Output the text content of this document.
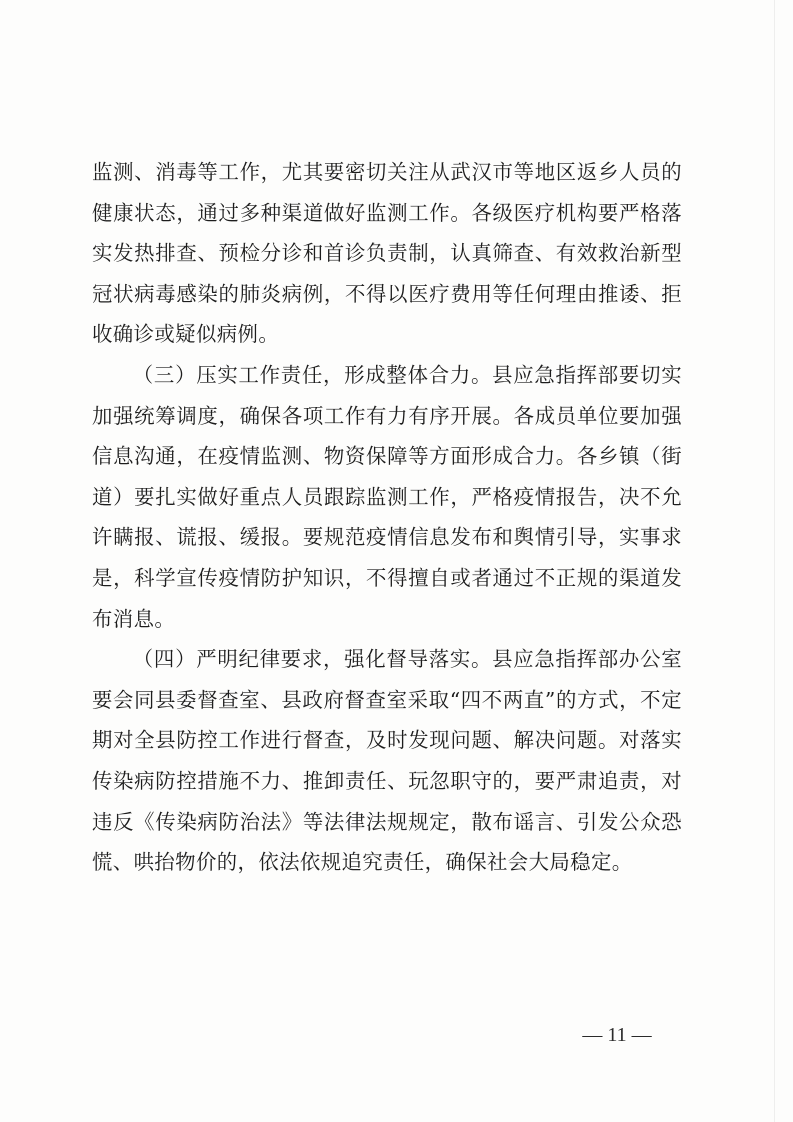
监测、消毒等工作，尤其要密切关注从武汉市等地区返乡人员的健康状态，通过多种渠道做好监测工作。各级医疗机构要严格落实发热排查、预检分诊和首诊负责制，认真筛查、有效救治新型冠状病毒感染的肺炎病例，不得以医疗费用等任何理由推诿、拒收确诊或疑似病例。

（三）压实工作责任，形成整体合力。县应急指挥部要切实加强统筹调度，确保各项工作有力有序开展。各成员单位要加强信息沟通，在疫情监测、物资保障等方面形成合力。各乡镇（街道）要扎实做好重点人员跟踪监测工作，严格疫情报告，决不允许瞒报、谎报、缓报。要规范疫情信息发布和舆情引导，实事求是，科学宣传疫情防护知识，不得擅自或者通过不正规的渠道发布消息。

（四）严明纪律要求，强化督导落实。县应急指挥部办公室要会同县委督查室、县政府督查室采取“四不两直”的方式，不定期对全县防控工作进行督查，及时发现问题、解决问题。对落实传染病防控措施不力、推卸责任、玩忽职守的，要严肃追责，对违反《传染病防治法》等法律法规规定，散布谣言、引发公众恐慌、哄抬物价的，依法依规追究责任，确保社会大局稳定。

— 11 —
